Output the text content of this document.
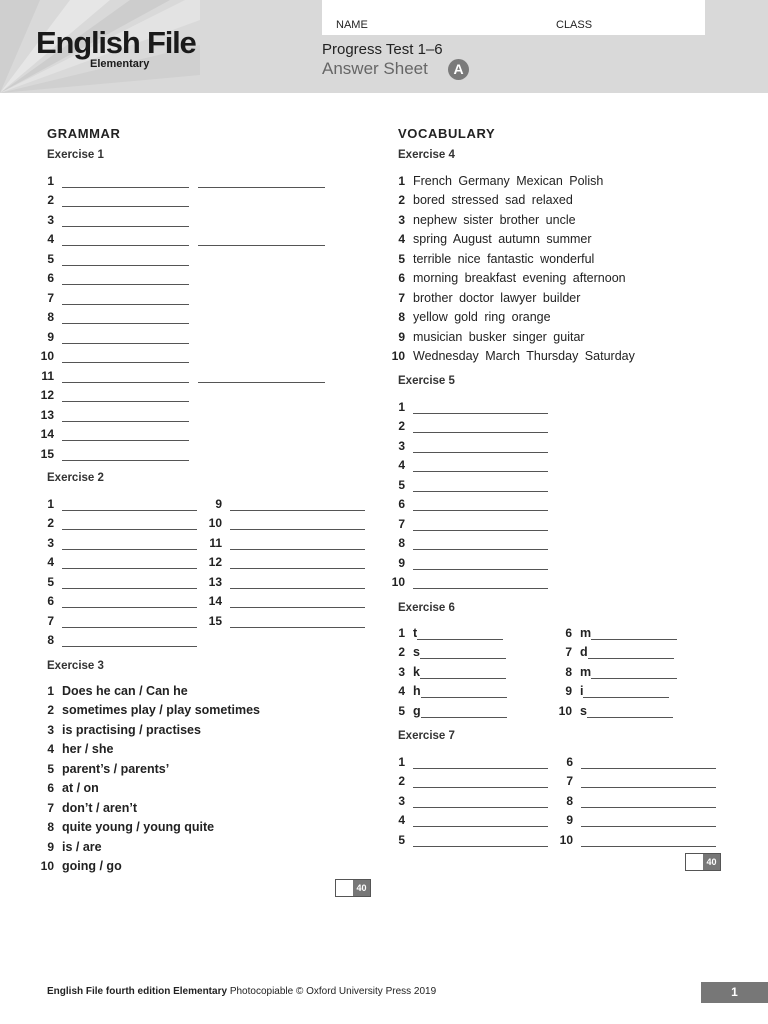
English File
Elementary
NAME	CLASS
Progress Test 1–6
Answer Sheet	A
GRAMMAR
Exercise 1
1
2
3
4
5
6
7
8
9
10
11
12
13
14
15
Exercise 2
1
2
3
4
5
6
7
8
9
10
11
12
13
14
15
Exercise 3
1 Does he can / Can he
2 sometimes play / play sometimes
3 is practising / practises
4 her / she
5 parent’s / parents’
6 at / on
7 don’t / aren’t
8 quite young / young quite
9 is / are
10 going / go
40
VOCABULARY
Exercise 4
1 French Germany Mexican Polish
2 bored stressed sad relaxed
3 nephew sister brother uncle
4 spring August autumn summer
5 terrible nice fantastic wonderful
6 morning breakfast evening afternoon
7 brother doctor lawyer builder
8 yellow gold ring orange
9 musician busker singer guitar
10 Wednesday March Thursday Saturday
Exercise 5
1
2
3
4
5
6
7
8
9
10
Exercise 6
1 t
2 s
3 k
4 h
5 g
6 m
7 d
8 m
9 i
10 s
Exercise 7
1
2
3
4
5
6
7
8
9
10
40
English File fourth edition Elementary Photocopiable © Oxford University Press 2019	1
